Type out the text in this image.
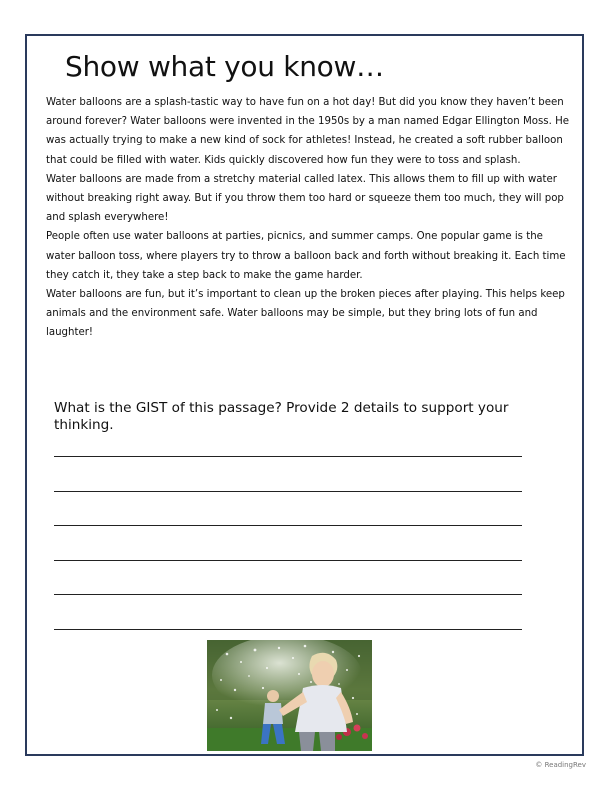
Show what you know…

Water balloons are a splash-tastic way to have fun on a hot day! But did you know they haven’t been around forever? Water balloons were invented in the 1950s by a man named Edgar Ellington Moss. He was actually trying to make a new kind of sock for athletes! Instead, he created a soft rubber balloon that could be filled with water. Kids quickly discovered how fun they were to toss and splash.

Water balloons are made from a stretchy material called latex. This allows them to fill up with water without breaking right away. But if you throw them too hard or squeeze them too much, they will pop and splash everywhere!

People often use water balloons at parties, picnics, and summer camps. One popular game is the water balloon toss, where players try to throw a balloon back and forth without breaking it. Each time they catch it, they take a step back to make the game harder.

Water balloons are fun, but it’s important to clean up the broken pieces after playing. This helps keep animals and the environment safe. Water balloons may be simple, but they bring lots of fun and laughter!

What is the GIST of this passage? Provide 2 details to support your thinking.

© ReadingRev
